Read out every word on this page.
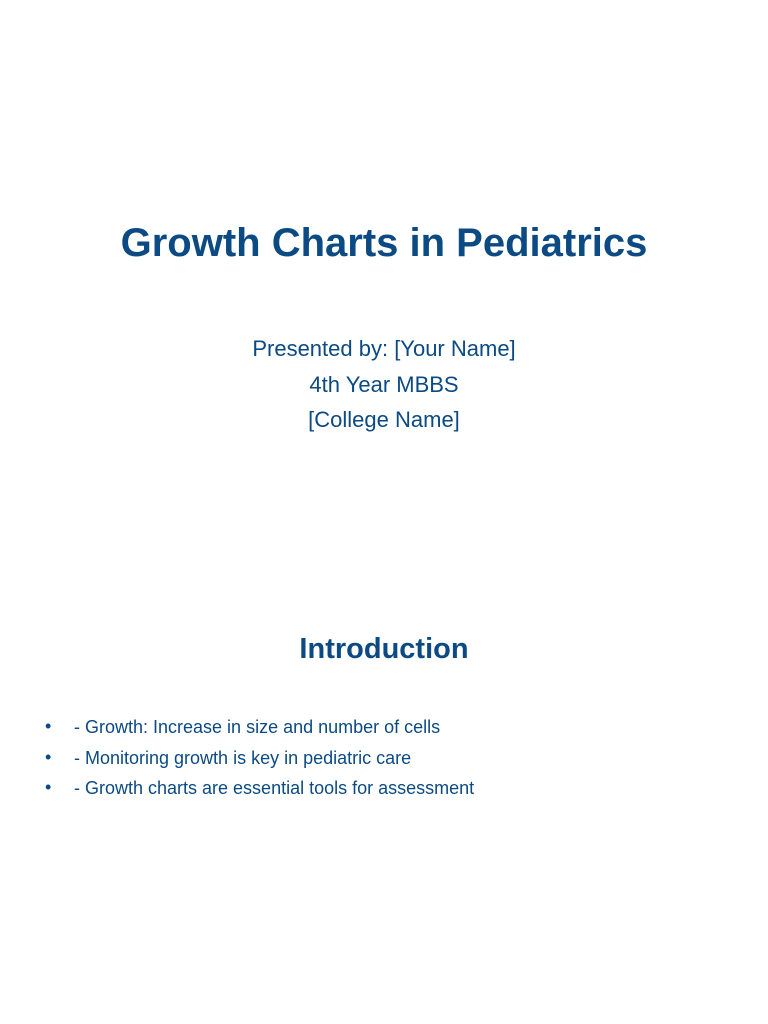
Growth Charts in Pediatrics
Presented by: [Your Name]
4th Year MBBS
[College Name]
Introduction
• - Growth: Increase in size and number of cells
• - Monitoring growth is key in pediatric care
• - Growth charts are essential tools for assessment
